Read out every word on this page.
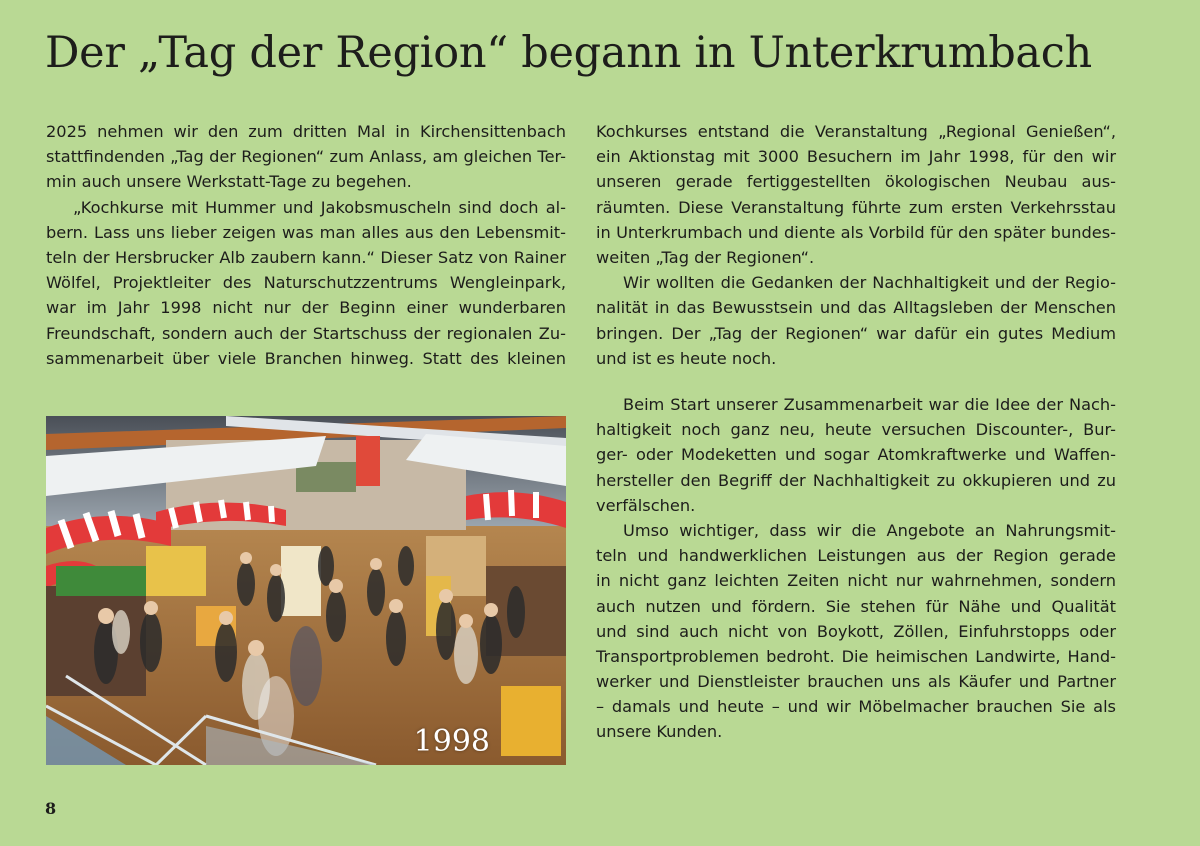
Der „Tag der Region“ begann in Unterkrumbach
2025 nehmen wir den zum dritten Mal in Kirchensittenbach
stattfindenden „Tag der Regionen“ zum Anlass, am gleichen Ter-
min auch unsere Werkstatt-Tage zu begehen.
„Kochkurse mit Hummer und Jakobsmuscheln sind doch al-
bern. Lass uns lieber zeigen was man alles aus den Lebensmit-
teln der Hersbrucker Alb zaubern kann.“ Dieser Satz von Rainer
Wölfel, Projektleiter des Naturschutzzentrums Wengleinpark,
war im Jahr 1998 nicht nur der Beginn einer wunderbaren
Freundschaft, sondern auch der Startschuss der regionalen Zu-
sammenarbeit über viele Branchen hinweg. Statt des kleinen
1998
Kochkurses entstand die Veranstaltung „Regional Genießen“,
ein Aktionstag mit 3000 Besuchern im Jahr 1998, für den wir
unseren gerade fertiggestellten ökologischen Neubau aus-
räumten. Diese Veranstaltung führte zum ersten Verkehrsstau
in Unterkrumbach und diente als Vorbild für den später bundes-
weiten „Tag der Regionen“.
Wir wollten die Gedanken der Nachhaltigkeit und der Regio-
nalität in das Bewusstsein und das Alltagsleben der Menschen
bringen. Der „Tag der Regionen“ war dafür ein gutes Medium
und ist es heute noch.
Beim Start unserer Zusammenarbeit war die Idee der Nach-
haltigkeit noch ganz neu, heute versuchen Discounter-, Bur-
ger- oder Modeketten und sogar Atomkraftwerke und Waffen-
hersteller den Begriff der Nachhaltigkeit zu okkupieren und zu
verfälschen.
Umso wichtiger, dass wir die Angebote an Nahrungsmit-
teln und handwerklichen Leistungen aus der Region gerade
in nicht ganz leichten Zeiten nicht nur wahrnehmen, sondern
auch nutzen und fördern. Sie stehen für Nähe und Qualität
und sind auch nicht von Boykott, Zöllen, Einfuhrstopps oder
Transportproblemen bedroht. Die heimischen Landwirte, Hand-
werker und Dienstleister brauchen uns als Käufer und Partner
– damals und heute – und wir Möbelmacher brauchen Sie als
unsere Kunden.
8
